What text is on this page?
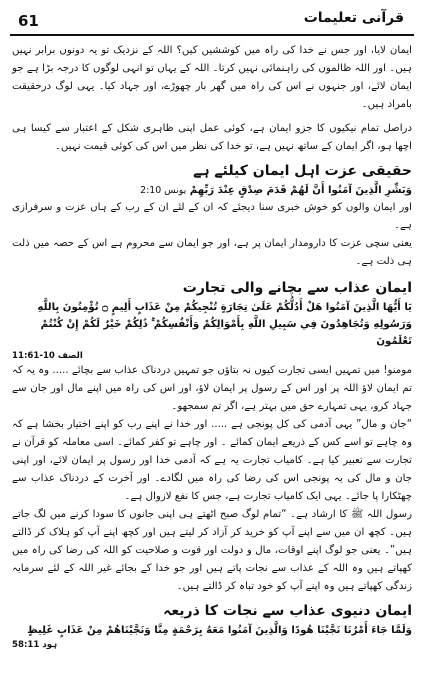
61	قرآنی تعلیمات

ایمان لایا، اور جس نے خدا کی راہ میں کوششیں کیں؟ اللہ کے نزدیک تو یہ دونوں برابر نہیں ہیں۔ اور اللہ ظالموں کی راہنمائی نہیں کرتا۔ اللہ کے یہاں تو انہی لوگوں کا درجہ بڑا ہے جو ایمان لائے، اور جنہوں نے اس کی راہ میں گھر بار چھوڑے، اور جہاد کیا۔ یہی لوگ درحقیقت بامراد ہیں۔

دراصل تمام نیکیوں کا جزو ایمان ہے، کوئی عمل اپنی ظاہری شکل کے اعتبار سے کیسا ہی اچھا ہو، اگر ایمان کے ساتھ نہیں ہے، تو خدا کی نظر میں اس کی کوئی قیمت نہیں۔

حقیقی عزت اہل ایمان کیلئے ہے
وَبَشِّرِ الَّذِينَ آمَنُوا أَنَّ لَهُمْ قَدَمَ صِدْقٍ عِنْدَ رَبِّهِمْ یونس 2:10

اور ایمان والوں کو خوش خبری سنا دیجئے کہ ان کے لئے ان کے رب کے ہاں عزت و سرفرازی ہے۔

یعنی سچی عزت کا دارومدار ایمان پر ہے، اور جو ایمان سے محروم ہے اس کے حصہ میں ذلت ہی ذلت ہے۔

ایمان عذاب سے بچانے والی تجارت
يَا أَيُّهَا الَّذِينَ آمَنُوا هَلْ أَدُلُّكُمْ عَلَىٰ تِجَارَةٍ تُنْجِيكُمْ مِنْ عَذَابٍ أَلِيمٍ ۝ تُؤْمِنُونَ بِاللَّهِ وَرَسُولِهِ وَتُجَاهِدُونَ فِي سَبِيلِ اللَّهِ بِأَمْوَالِكُمْ وَأَنْفُسِكُمْ ۚ ذَٰلِكُمْ خَيْرٌ لَكُمْ إِنْ كُنْتُمْ تَعْلَمُونَ
الصف 10-11:61

مومنو! میں تمہیں ایسی تجارت کیوں نہ بتاؤں جو تمہیں دردناک عذاب سے بچائے ..... وہ یہ کہ تم ایمان لاؤ اللہ پر اور اس کے رسول پر ایمان لاؤ، اور اس کی راہ میں اپنے مال اور جان سے جہاد کرو، یہی تمہارے حق میں بہتر ہے، اگر تم سمجھو۔

“جان و مال” یہی آدمی کی کل پونجی ہے ..... اور خدا نے اپنے رب کو اپنے اختیار بخشا ہے کہ وہ چاہے تو اسے کس کے ذریعے ایمان کمائے ۔ اور چاہے تو کفر کمائے۔ اسی معاملہ کو قرآن نے تجارت سے تعبیر کیا ہے۔ کامیاب تجارت یہ ہے کہ آدمی خدا اور رسول پر ایمان لائے، اور اپنی جان و مال کی یہ پونجی اس کی رضا کی راہ میں لگادے۔ اور آخرت کے دردناک عذاب سے چھٹکارا پا جائے۔ یہی ایک کامیاب تجارت ہے، جس کا نفع لازوال ہے۔

رسول اللہ ﷺ کا ارشاد ہے۔ “تمام لوگ صبح اٹھتے ہی اپنی جانوں کا سودا کرنے میں لگ جاتے ہیں۔ کچھ ان میں سے اپنے آپ کو خرید کر آزاد کر لیتے ہیں اور کچھ اپنے آپ کو ہلاک کر ڈالتے ہیں”۔ یعنی جو لوگ اپنے اوقات، مال و دولت اور قوت و صلاحیت کو اللہ کی رضا کی راہ میں کھپاتے ہیں وہ اللہ کے عذاب سے نجات پاتے ہیں اور جو خدا کے بجائے غیر اللہ کے لئے سرمایہ زندگی کھپاتے ہیں وہ اپنے آپ کو خود تباہ کر ڈالتے ہیں۔

ایمان دنیوی عذاب سے نجات کا ذریعہ
وَلَمَّا جَاءَ أَمْرُنَا نَجَّيْنَا هُودًا وَالَّذِينَ آمَنُوا مَعَهُ بِرَحْمَةٍ مِنَّا وَنَجَّيْنَاهُمْ مِنْ عَذَابٍ غَلِيظٍ
ہود 58:11
